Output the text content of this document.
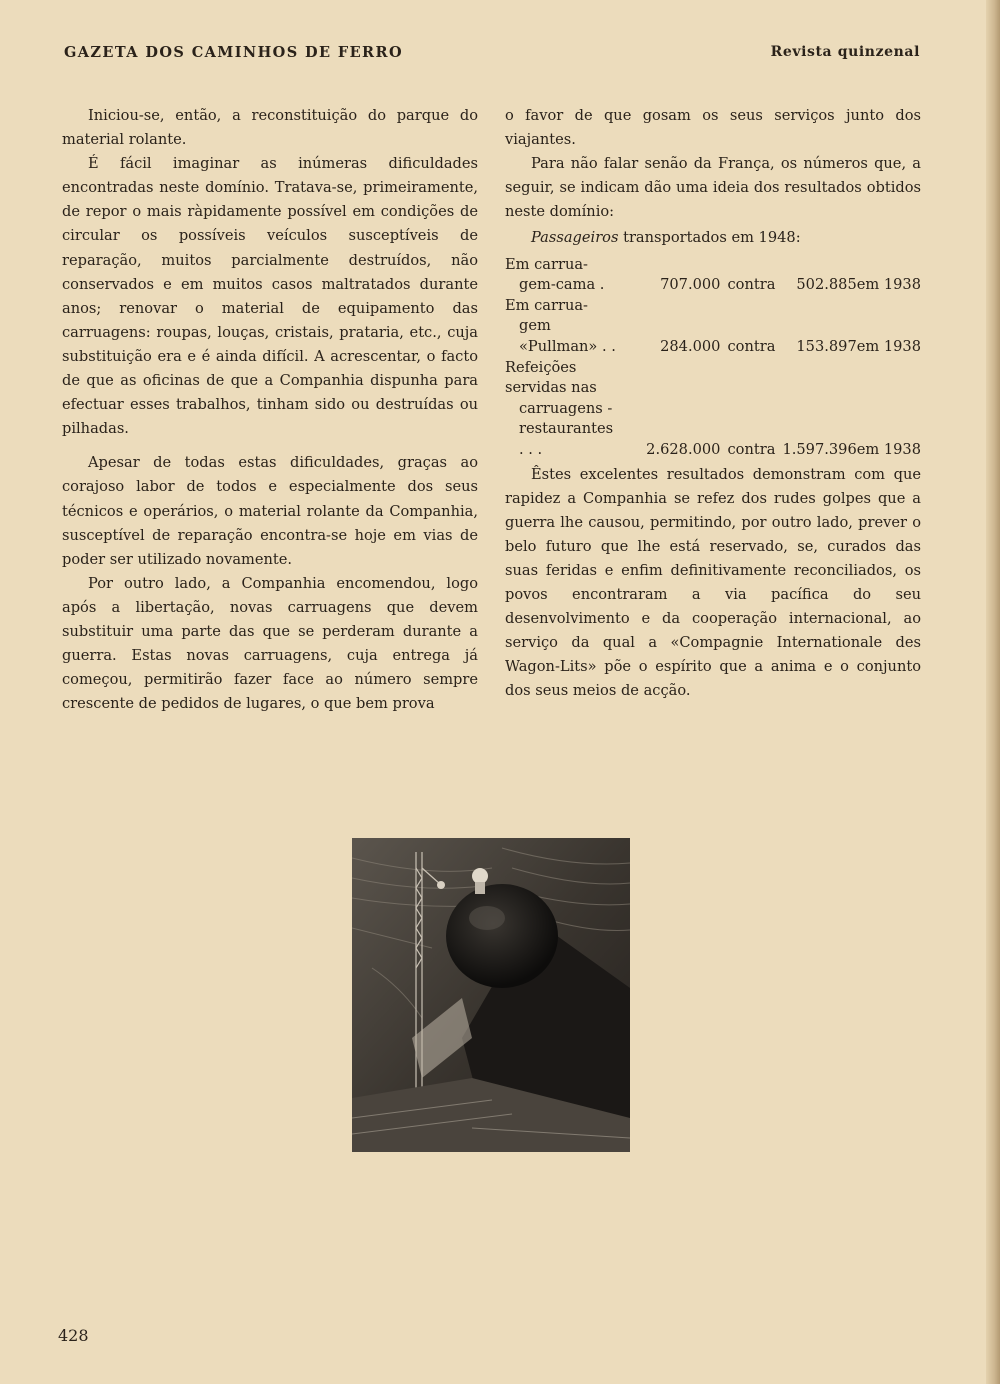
GAZETA DOS CAMINHOS DE FERRO	Revista quinzenal

Iniciou-se, então, a reconstituição do parque do material rolante.

É fácil imaginar as inúmeras dificuldades encontradas neste domínio. Tratava-se, primeiramente, de repor o mais ràpidamente possível em condições de circular os possíveis veículos susceptíveis de reparação, muitos parcialmente destruídos, não conservados e em muitos casos maltratados durante anos; renovar o material de equipamento das carruagens: roupas, louças, cristais, prataria, etc., cuja substituição era e é ainda difícil. A acrescentar, o facto de que as oficinas de que a Companhia dispunha para efectuar esses trabalhos, tinham sido ou destruídas ou pilhadas.

Apesar de todas estas dificuldades, graças ao corajoso labor de todos e especialmente dos seus técnicos e operários, o material rolante da Companhia, susceptível de reparação encontra-se hoje em vias de poder ser utilizado novamente.

Por outro lado, a Companhia encomendou, logo após a libertação, novas carruagens que devem substituir uma parte das que se perderam durante a guerra. Estas novas carruagens, cuja entrega já começou, permitirão fazer face ao número sempre crescente de pedidos de lugares, o que bem prova

o favor de que gosam os seus serviços junto dos viajantes.

Para não falar senão da França, os números que, a seguir, se indicam dão uma ideia dos resultados obtidos neste domínio:

Passageiros transportados em 1948:

Em carrua-
gem-cama .	707.000	contra	502.885	em 1938

Em carrua-
gem «Pullman» . .	284.000	contra	153.897	em 1938

Refeições servidas nas
carruagens -restaurantes . . .	2.628.000	contra	1.597.396	em 1938

Êstes excelentes resultados demonstram com que rapidez a Companhia se refez dos rudes golpes que a guerra lhe causou, permitindo, por outro lado, prever o belo futuro que lhe está reservado, se, curados das suas feridas e enfim definitivamente reconciliados, os povos encontraram a via pacífica do seu desenvolvimento e da cooperação internacional, ao serviço da qual a «Compagnie Internationale des Wagon-Lits» põe o espírito que a anima e o conjunto dos seus meios de acção.

428
